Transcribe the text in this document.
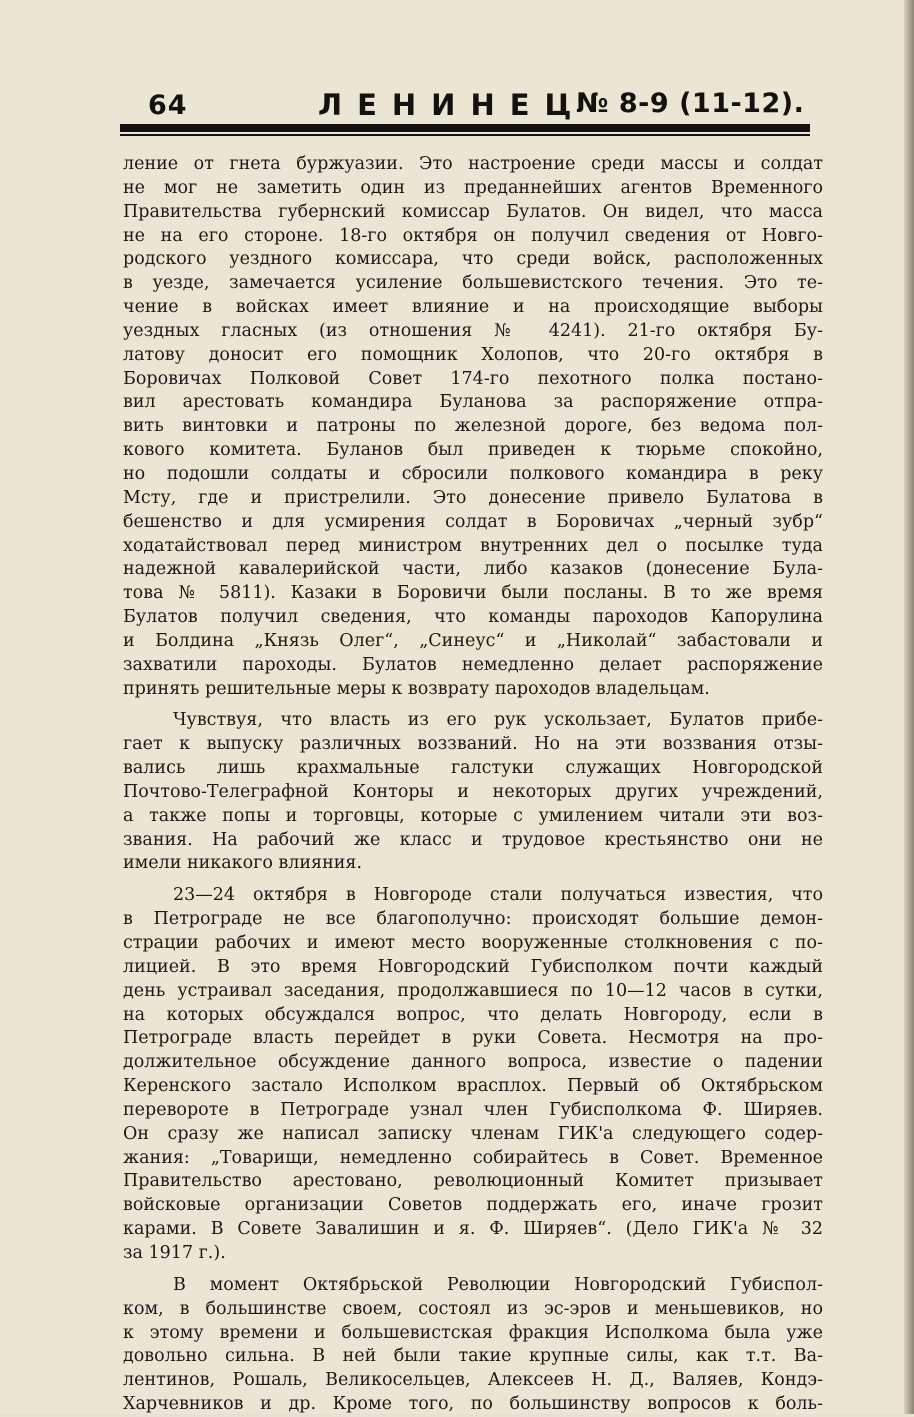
64	ЛЕНИНЕЦ
№ 8-9 (11-12).
ление от гнета буржуазии. Это настроение среди массы и солдат
не мог не заметить один из преданнейших агентов Временного
Правительства губернский комиссар Булатов. Он видел, что масса
не на его стороне. 18-го октября он получил сведения от Новго-
родского уездного комиссара, что среди войск, расположенных
в уезде, замечается усиление большевистского течения. Это те-
чение в войсках имеет влияние и на происходящие выборы
уездных гласных (из отношения № 4241). 21-го октября Бу-
латову доносит его помощник Холопов, что 20-го октября в
Боровичах Полковой Совет 174-го пехотного полка постано-
вил арестовать командира Буланова за распоряжение отпра-
вить винтовки и патроны по железной дороге, без ведома пол-
кового комитета. Буланов был приведен к тюрьме спокойно,
но подошли солдаты и сбросили полкового командира в реку
Мсту, где и пристрелили. Это донесение привело Булатова в
бешенство и для усмирения солдат в Боровичах „черный зубр“
ходатайствовал перед министром внутренних дел о посылке туда
надежной кавалерийской части, либо казаков (донесение Була-
това № 5811). Казаки в Боровичи были посланы. В то же время
Булатов получил сведения, что команды пароходов Капорулина
и Болдина „Князь Олег“, „Синеус“ и „Николай“ забастовали и
захватили пароходы. Булатов немедленно делает распоряжение
принять решительные меры к возврату пароходов владельцам.
Чувствуя, что власть из его рук ускользает, Булатов прибе-
гает к выпуску различных воззваний. Но на эти воззвания отзы-
вались лишь крахмальные галстуки служащих Новгородской
Почтово-Телеграфной Конторы и некоторых других учреждений,
а также попы и торговцы, которые с умилением читали эти воз-
звания. На рабочий же класс и трудовое крестьянство они не
имели никакого влияния.
23—24 октября в Новгороде стали получаться известия, что
в Петрограде не все благополучно: происходят большие демон-
страции рабочих и имеют место вооруженные столкновения с по-
лицией. В это время Новгородский Губисполком почти каждый
день устраивал заседания, продолжавшиеся по 10—12 часов в сутки,
на которых обсуждался вопрос, что делать Новгороду, если в
Петрограде власть перейдет в руки Совета. Несмотря на про-
должительное обсуждение данного вопроса, известие о падении
Керенского застало Исполком врасплох. Первый об Октябрьском
перевороте в Петрограде узнал член Губисполкома Ф. Ширяев.
Он сразу же написал записку членам ГИК'а следующего содер-
жания: „Товарищи, немедленно собирайтесь в Совет. Временное
Правительство арестовано, революционный Комитет призывает
войсковые организации Советов поддержать его, иначе грозит
карами. В Совете Завалишин и я. Ф. Ширяев“. (Дело ГИК'а № 32
за 1917 г.).
В момент Октябрьской Революции Новгородский Губиспол-
ком, в большинстве своем, состоял из эс-эров и меньшевиков, но
к этому времени и большевистская фракция Исполкома была уже
довольно сильна. В ней были такие крупные силы, как т.т. Ва-
лентинов, Рошаль, Великосельцев, Алексеев Н. Д., Валяев, Кондэ-
Харчевников и др. Кроме того, по большинству вопросов к боль-
